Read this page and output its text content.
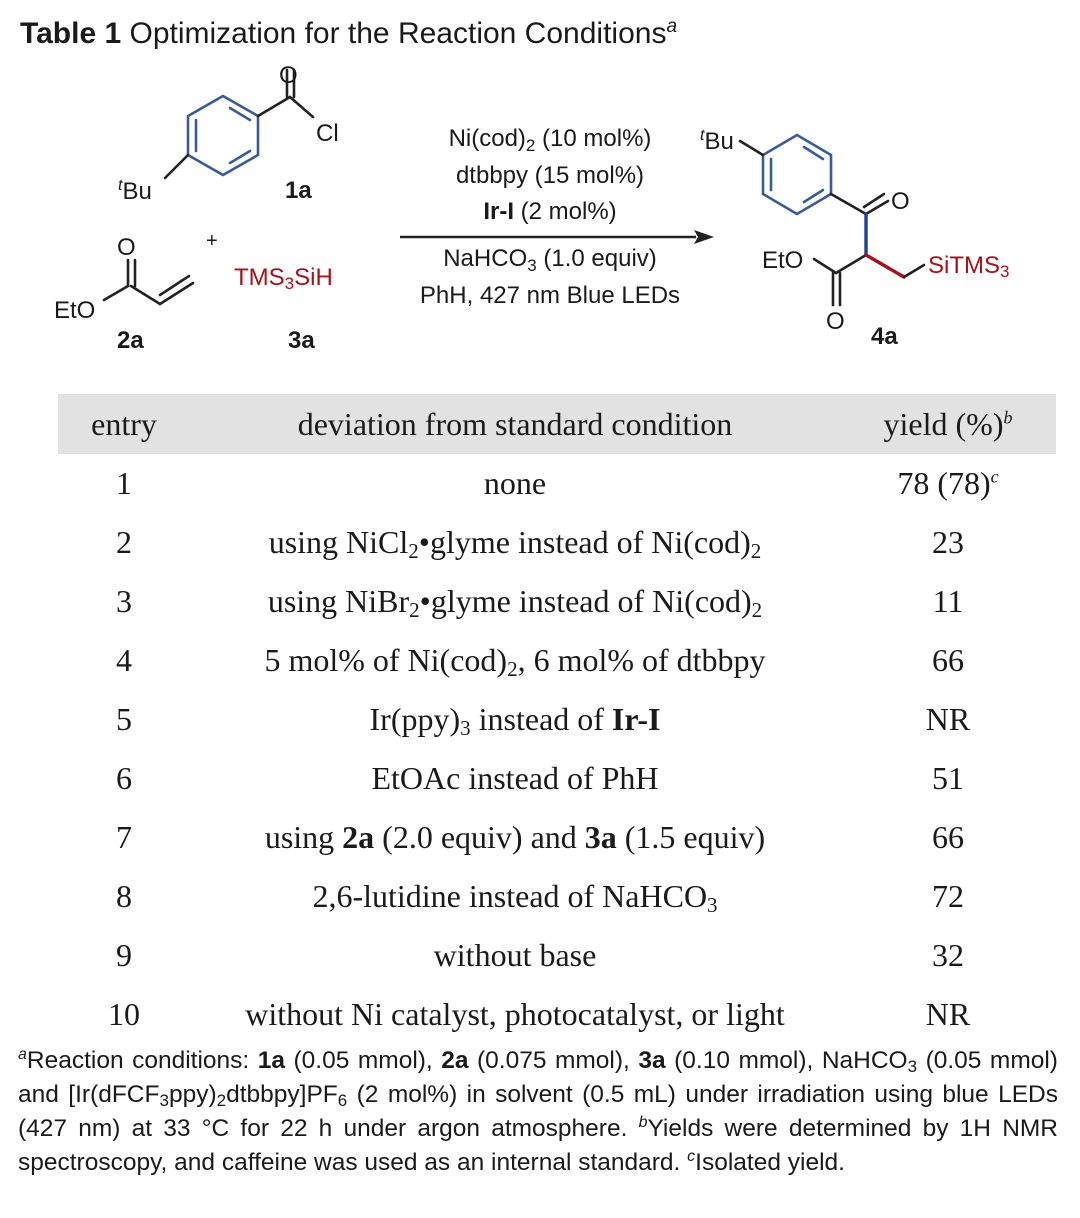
Table 1 Optimization for the Reaction Conditions$^a$
O
Cl
$^t$Bu	1a
+
O
EtO
2a
$TMS_3SiH$
3a
$Ni(cod)_2$ (10 mol%)
dtbbpy (15 mol%)
Ir-I (2 mol%)
NaHCO$_3$ (1.0 equiv)
PhH, 427 nm Blue LEDs
$^t$Bu
O
EtO	SiTMS$_3$
O
4a
entry	deviation from standard condition	yield (%)$^b$
1	none	78 $(78)^c$
2	using NiCl$_2$•glyme instead of $Ni(cod)_2$	23
3	using NiBr$_2$•glyme instead of $Ni(cod)_2$	11
4	5 mol% of $Ni(cod)_2$, 6 mol% of dtbbpy	66
5	$Ir(ppy)_3$ instead of Ir-I	NR
6	EtOAc instead of PhH	51
7	using 2a (2.0 equiv) and 3a (1.5 equiv)	66
8	2,6-lutidine instead of NaHCO$_3$	72
9	without base	32
10	without Ni catalyst, photocatalyst, or light	NR
$^a$Reaction conditions: 1a (0.05 mmol), 2a (0.075 mmol), 3a (0.10 mmol), NaHCO$_3$ (0.05 mmol) and $[Ir(dFCF_3ppy)_2dtbbpy]PF_6$ (2 mol%) in solvent (0.5 mL) under irradiation using blue LEDs (427 nm) at 33 °C for 22 h under argon atmosphere. $^b$Yields were determined by 1H NMR spectroscopy, and caffeine was used as an internal standard. $^c$Isolated yield.
